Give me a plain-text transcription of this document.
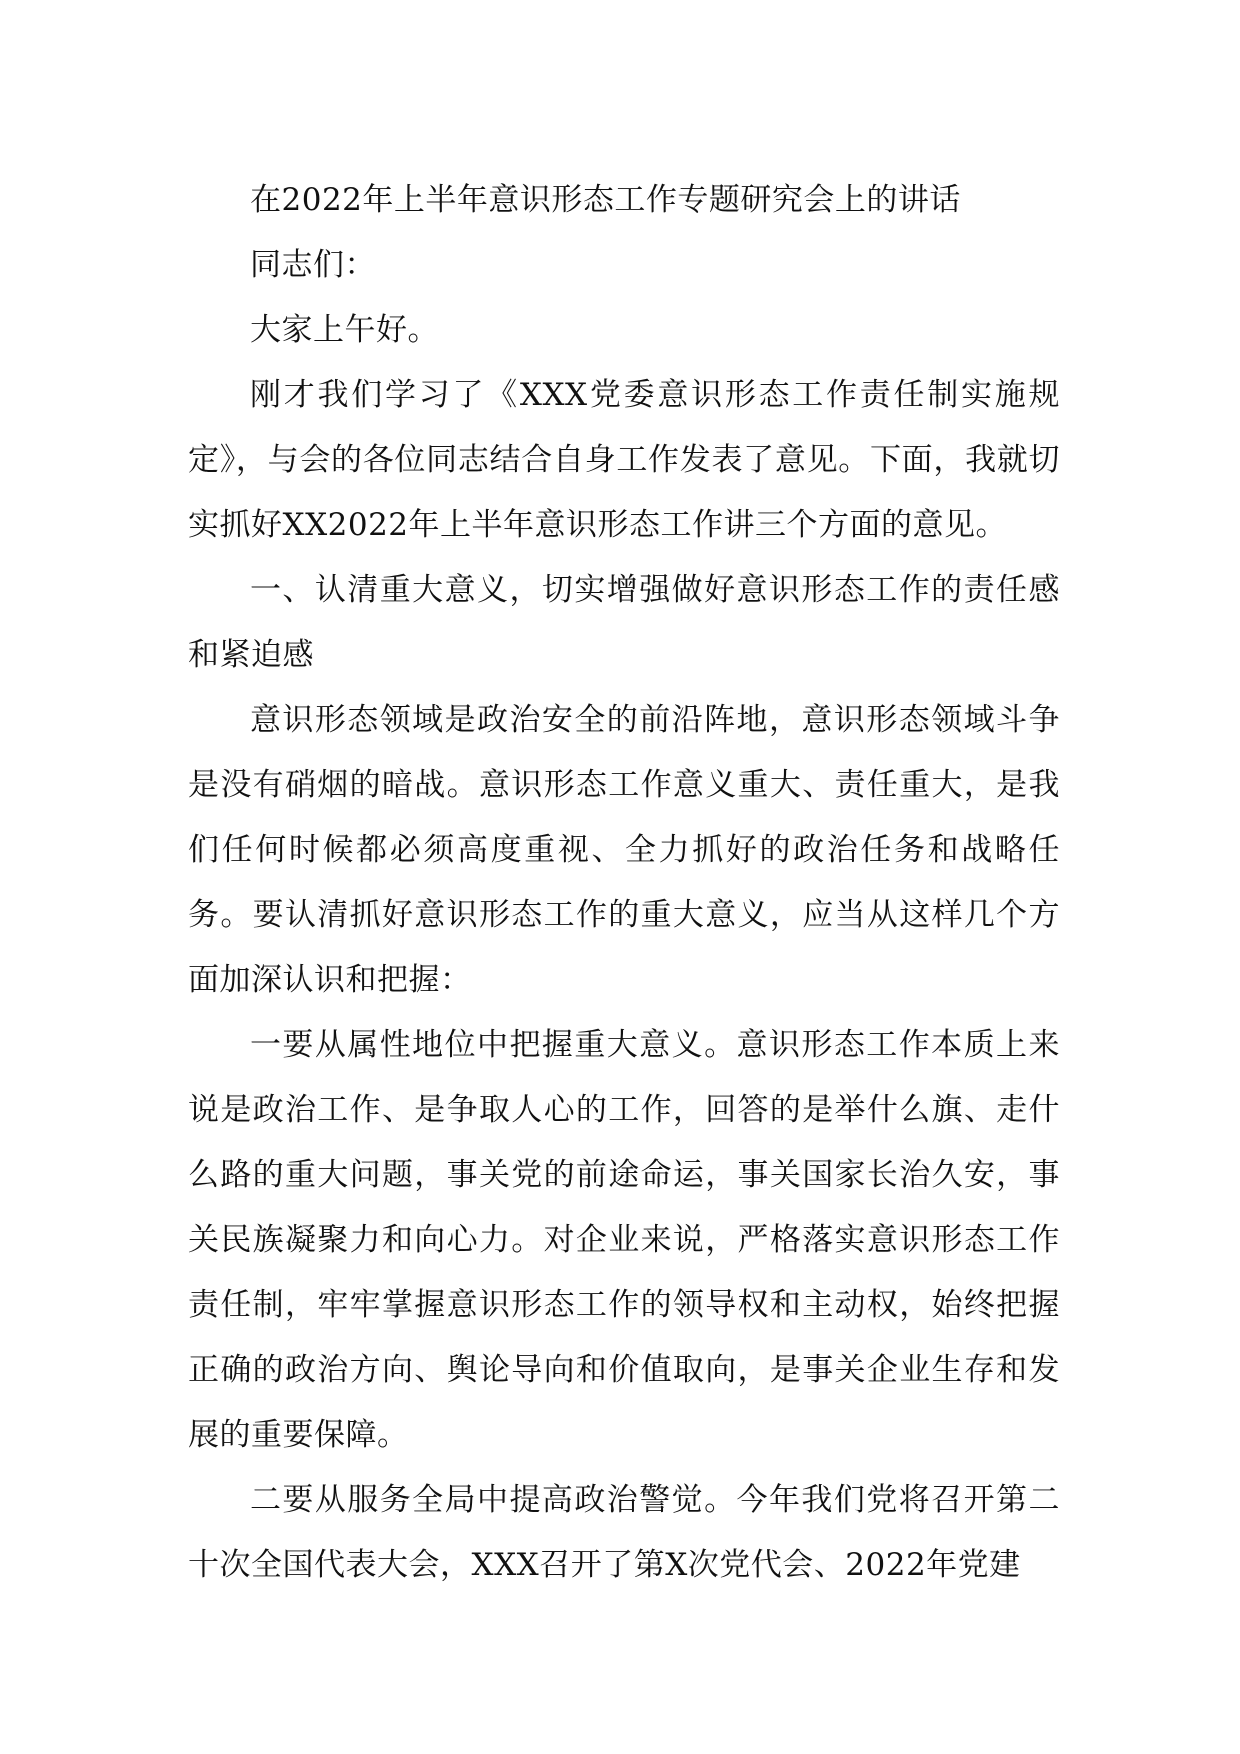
在2022年上半年意识形态工作专题研究会上的讲话

同志们：

大家上午好。

刚才我们学习了《XXX党委意识形态工作责任制实施规定》，与会的各位同志结合自身工作发表了意见。下面，我就切实抓好XX2022年上半年意识形态工作讲三个方面的意见。

一、认清重大意义，切实增强做好意识形态工作的责任感和紧迫感

意识形态领域是政治安全的前沿阵地，意识形态领域斗争是没有硝烟的暗战。意识形态工作意义重大、责任重大，是我们任何时候都必须高度重视、全力抓好的政治任务和战略任务。要认清抓好意识形态工作的重大意义，应当从这样几个方面加深认识和把握：

一要从属性地位中把握重大意义。意识形态工作本质上来说是政治工作、是争取人心的工作，回答的是举什么旗、走什么路的重大问题，事关党的前途命运，事关国家长治久安，事关民族凝聚力和向心力。对企业来说，严格落实意识形态工作责任制，牢牢掌握意识形态工作的领导权和主动权，始终把握正确的政治方向、舆论导向和价值取向，是事关企业生存和发展的重要保障。

二要从服务全局中提高政治警觉。今年我们党将召开第二十次全国代表大会，XXX召开了第X次党代会、2022年党建
